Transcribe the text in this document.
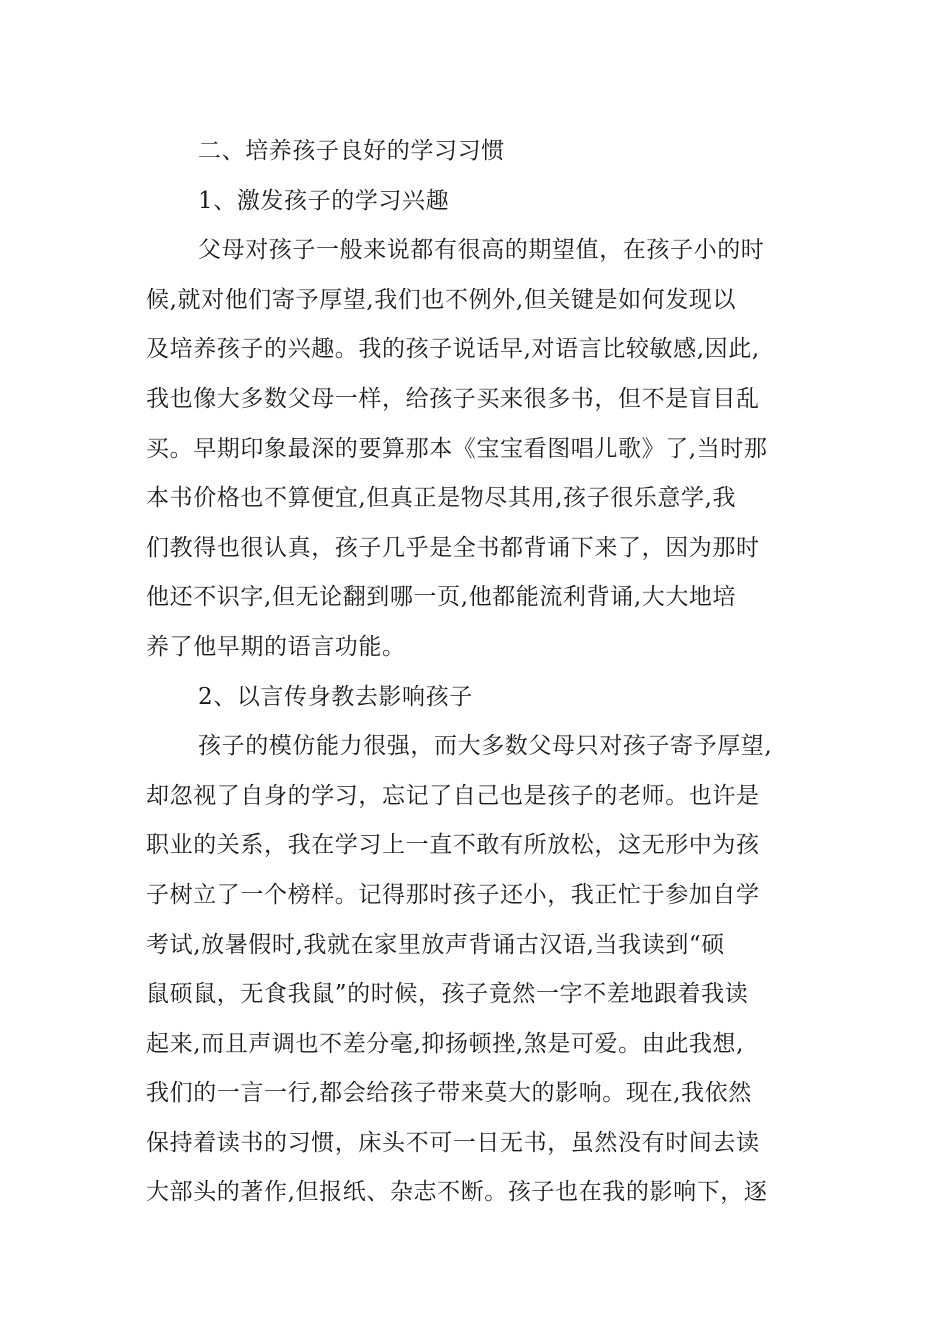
二、培养孩子良好的学习习惯
1、激发孩子的学习兴趣
父母对孩子一般来说都有很高的期望值，在孩子小的时
候,就对他们寄予厚望,我们也不例外,但关键是如何发现以
及培养孩子的兴趣。我的孩子说话早,对语言比较敏感,因此,
我也像大多数父母一样，给孩子买来很多书，但不是盲目乱
买。早期印象最深的要算那本《宝宝看图唱儿歌》了,当时那
本书价格也不算便宜,但真正是物尽其用,孩子很乐意学,我
们教得也很认真，孩子几乎是全书都背诵下来了，因为那时
他还不识字,但无论翻到哪一页,他都能流利背诵,大大地培
养了他早期的语言功能。
2、以言传身教去影响孩子
孩子的模仿能力很强，而大多数父母只对孩子寄予厚望,
却忽视了自身的学习，忘记了自己也是孩子的老师。也许是
职业的关系，我在学习上一直不敢有所放松，这无形中为孩
子树立了一个榜样。记得那时孩子还小，我正忙于参加自学
考试,放暑假时,我就在家里放声背诵古汉语,当我读到“硕
鼠硕鼠，无食我鼠”的时候，孩子竟然一字不差地跟着我读
起来,而且声调也不差分毫,抑扬顿挫,煞是可爱。由此我想,
我们的一言一行,都会给孩子带来莫大的影响。现在,我依然
保持着读书的习惯，床头不可一日无书，虽然没有时间去读
大部头的著作,但报纸、杂志不断。孩子也在我的影响下，逐
